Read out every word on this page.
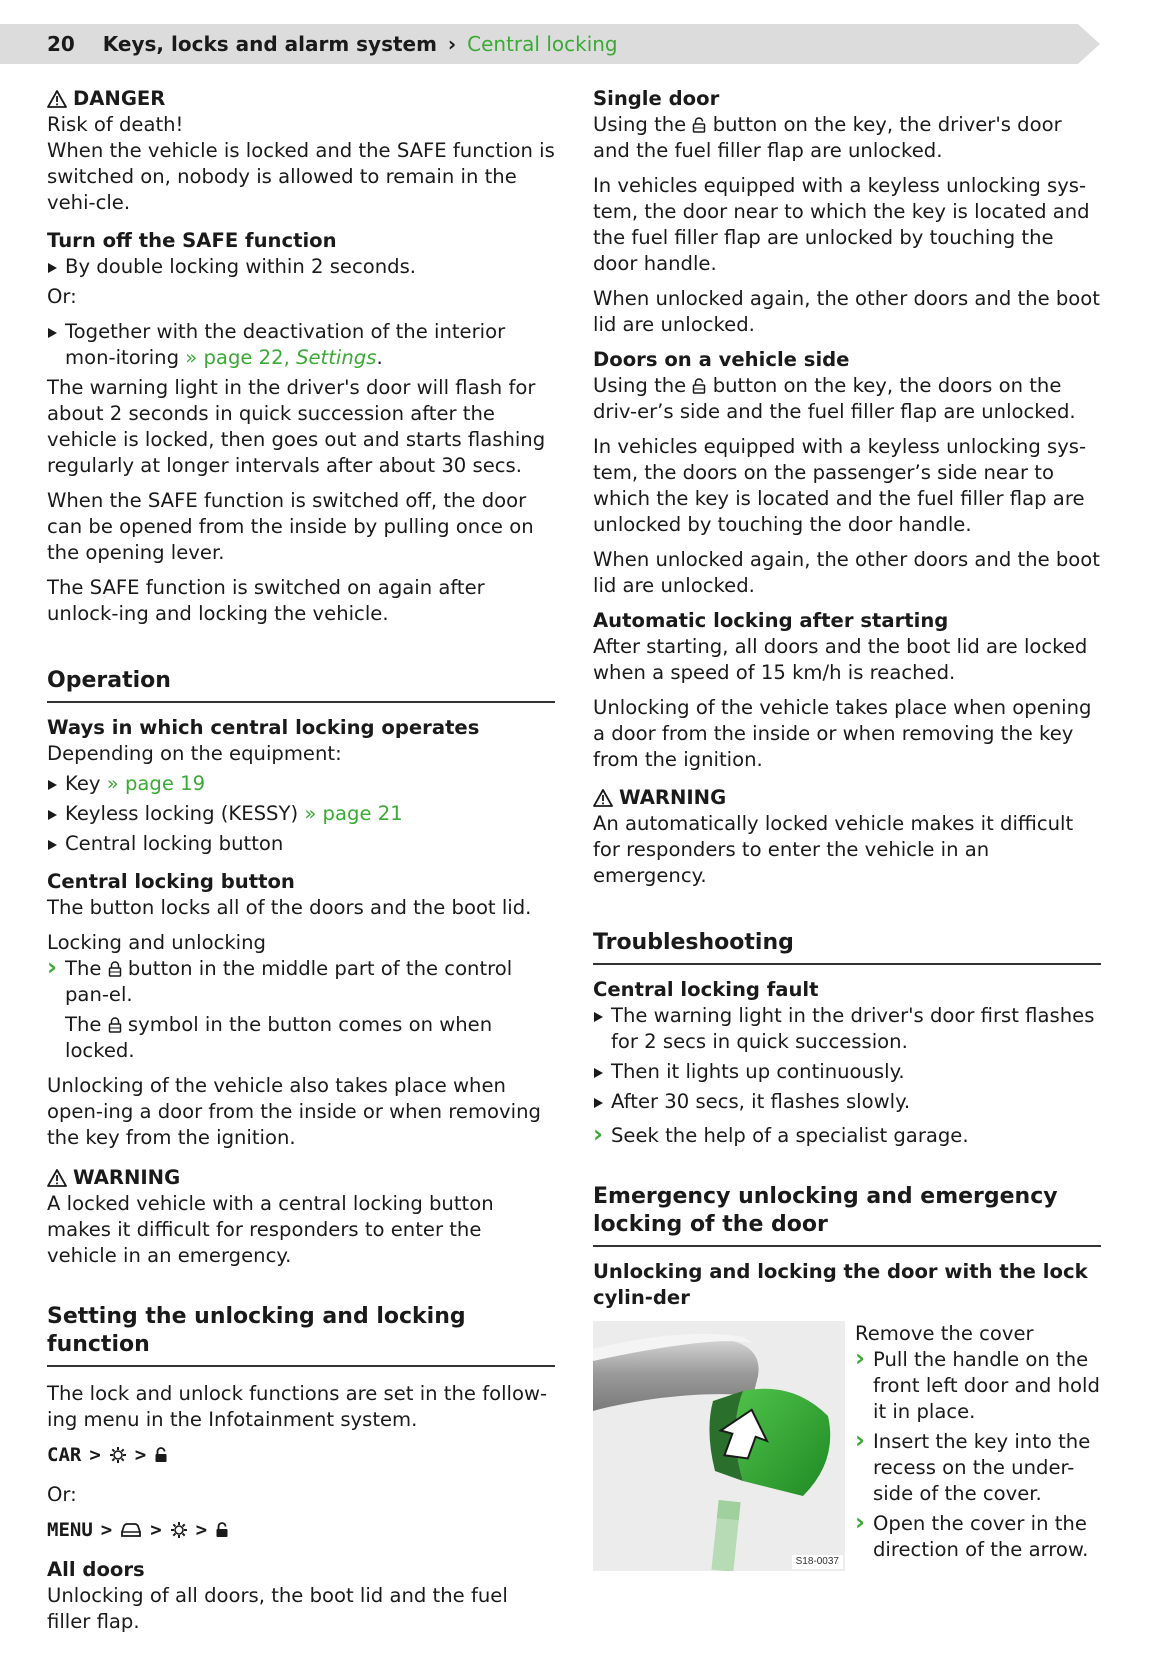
20 Keys, locks and alarm system › Central locking
DANGER
Risk of death!

When the vehicle is locked and the SAFE function is switched on, nobody is allowed to remain in the vehi-cle.

Turn off the SAFE function

By double locking within 2 seconds.

Or:

Together with the deactivation of the interior mon-itoring » page 22, Settings.

The warning light in the driver's door will flash for about 2 seconds in quick succession after the vehicle is locked, then goes out and starts flashing regularly at longer intervals after about 30 secs.

When the SAFE function is switched off, the door can be opened from the inside by pulling once on the opening lever.

The SAFE function is switched on again after unlock-ing and locking the vehicle.

Operation
Ways in which central locking operates

Depending on the equipment:

Key » page 19
Keyless locking (KESSY) » page 21
Central locking button
Central locking button

The button locks all of the doors and the boot lid.

Locking and unlocking

› The button in the middle part of the control pan-el.

The symbol in the button comes on when locked.

Unlocking of the vehicle also takes place when open-ing a door from the inside or when removing the key from the ignition.

WARNING

A locked vehicle with a central locking button makes it difficult for responders to enter the vehicle in an emergency.

Setting the unlocking and locking function

The lock and unlock functions are set in the follow-ing menu in the Infotainment system.

CAR > >

Or:

MENU > > >
All doors

Unlocking of all doors, the boot lid and the fuel filler flap.

Single door

Using the button on the key, the driver's door and the fuel filler flap are unlocked.

In vehicles equipped with a keyless unlocking sys-tem, the door near to which the key is located and the fuel filler flap are unlocked by touching the door handle.

When unlocked again, the other doors and the boot lid are unlocked.

Doors on a vehicle side

Using the button on the key, the doors on the driv-er’s side and the fuel filler flap are unlocked.

In vehicles equipped with a keyless unlocking sys-tem, the doors on the passenger’s side near to which the key is located and the fuel filler flap are unlocked by touching the door handle.

When unlocked again, the other doors and the boot lid are unlocked.

Automatic locking after starting

After starting, all doors and the boot lid are locked when a speed of 15 km/h is reached.

Unlocking of the vehicle takes place when opening a door from the inside or when removing the key from the ignition.

WARNING

An automatically locked vehicle makes it difficult for responders to enter the vehicle in an emergency.

Troubleshooting
Central locking fault
The warning light in the driver's door first flashes for 2 secs in quick succession.
Then it lights up continuously.
After 30 secs, it flashes slowly.

› Seek the help of a specialist garage.

Emergency unlocking and emergency locking of the door
Unlocking and locking the door with the lock cylin-der
S18-0037
Remove the cover
› Pull the handle on the front left door and hold it in place.
› Insert the key into the recess on the under-side of the cover.
› Open the cover in the direction of the arrow.
